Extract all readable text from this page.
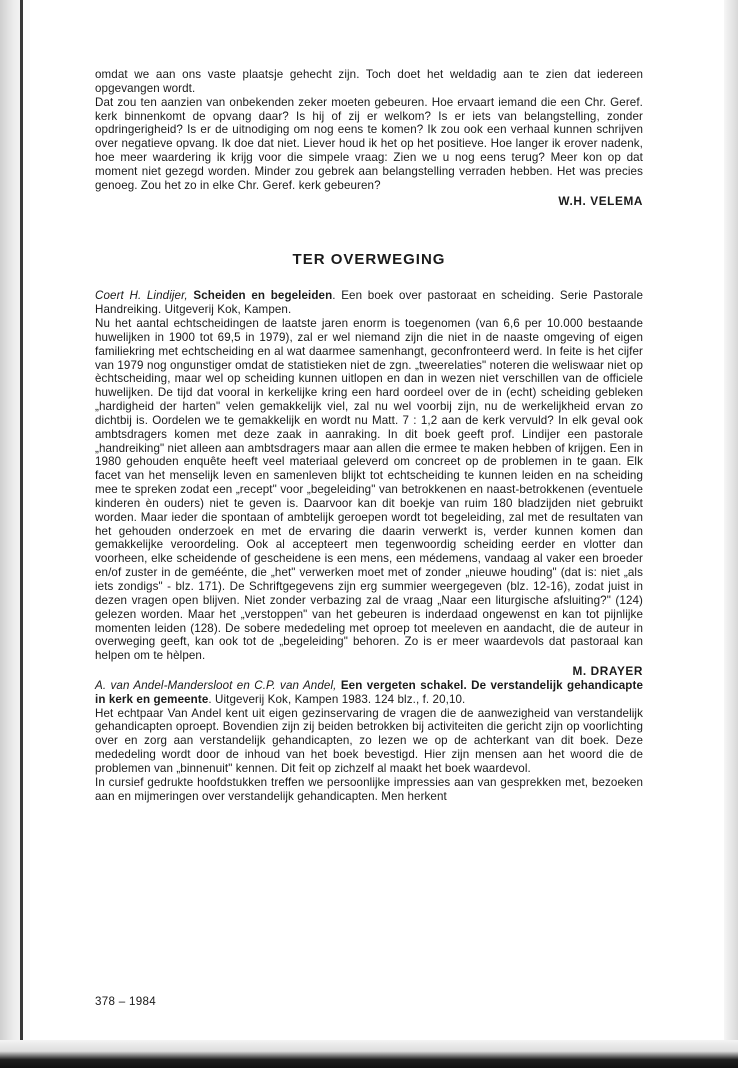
omdat we aan ons vaste plaatsje gehecht zijn. Toch doet het weldadig aan te zien dat iedereen opgevangen wordt.

Dat zou ten aanzien van onbekenden zeker moeten gebeuren. Hoe ervaart iemand die een Chr. Geref. kerk binnenkomt de opvang daar? Is hij of zij er welkom? Is er iets van belangstelling, zonder opdringerigheid? Is er de uitnodiging om nog eens te komen? Ik zou ook een verhaal kunnen schrijven over negatieve opvang. Ik doe dat niet. Liever houd ik het op het positieve. Hoe langer ik erover nadenk, hoe meer waardering ik krijg voor die simpele vraag: Zien we u nog eens terug? Meer kon op dat moment niet gezegd worden. Minder zou gebrek aan belangstelling verraden hebben. Het was precies genoeg. Zou het zo in elke Chr. Geref. kerk gebeuren?

W.H. VELEMA
TER OVERWEGING

Coert H. Lindijer, Scheiden en begeleiden. Een boek over pastoraat en scheiding. Serie Pastorale Handreiking. Uitgeverij Kok, Kampen.

Nu het aantal echtscheidingen de laatste jaren enorm is toegenomen (van 6,6 per 10.000 bestaande huwelijken in 1900 tot 69,5 in 1979), zal er wel niemand zijn die niet in de naaste omgeving of eigen familiekring met echtscheiding en al wat daarmee samenhangt, geconfronteerd werd. In feite is het cijfer van 1979 nog ongunstiger omdat de statistieken niet de zgn. „tweerelaties" noteren die weliswaar niet op èchtscheiding, maar wel op scheiding kunnen uitlopen en dan in wezen niet verschillen van de officiele huwelijken. De tijd dat vooral in kerkelijke kring een hard oordeel over de in (echt) scheiding gebleken „hardigheid der harten" velen gemakkelijk viel, zal nu wel voorbij zijn, nu de werkelijkheid ervan zo dichtbij is. Oordelen we te gemakkelijk en wordt nu Matt. 7 : 1,2 aan de kerk vervuld? In elk geval ook ambtsdragers komen met deze zaak in aanraking. In dit boek geeft prof. Lindijer een pastorale „handreiking" niet alleen aan ambtsdragers maar aan allen die ermee te maken hebben of krijgen. Een in 1980 gehouden enquête heeft veel materiaal geleverd om concreet op de problemen in te gaan. Elk facet van het menselijk leven en samenleven blijkt tot echtscheiding te kunnen leiden en na scheiding mee te spreken zodat een „recept" voor „begeleiding" van betrokkenen en naast-betrokkenen (eventuele kinderen èn ouders) niet te geven is. Daarvoor kan dit boekje van ruim 180 bladzijden niet gebruikt worden. Maar ieder die spontaan of ambtelijk geroepen wordt tot begeleiding, zal met de resultaten van het gehouden onderzoek en met de ervaring die daarin verwerkt is, verder kunnen komen dan gemakkelijke veroordeling. Ook al accepteert men tegenwoordig scheiding eerder en vlotter dan voorheen, elke scheidende of gescheidene is een mens, een médemens, vandaag al vaker een broeder en/of zuster in de geméénte, die „het" verwerken moet met of zonder „nieuwe houding" (dat is: niet „als iets zondigs" - blz. 171). De Schriftgegevens zijn erg summier weergegeven (blz. 12-16), zodat juist in dezen vragen open blijven. Niet zonder verbazing zal de vraag „Naar een liturgische afsluiting?" (124) gelezen worden. Maar het „verstoppen" van het gebeuren is inderdaad ongewenst en kan tot pijnlijke momenten leiden (128). De sobere mededeling met oproep tot meeleven en aandacht, die de auteur in overweging geeft, kan ook tot de „begeleiding" behoren. Zo is er meer waardevols dat pastoraal kan helpen om te hèlpen.

M. DRAYER

A. van Andel-Mandersloot en C.P. van Andel, Een vergeten schakel. De verstandelijk gehandicapte in kerk en gemeente. Uitgeverij Kok, Kampen 1983. 124 blz., f. 20,10.

Het echtpaar Van Andel kent uit eigen gezinservaring de vragen die de aanwezigheid van verstandelijk gehandicapten oproept. Bovendien zijn zij beiden betrokken bij activiteiten die gericht zijn op voorlichting over en zorg aan verstandelijk gehandicapten, zo lezen we op de achterkant van dit boek. Deze mededeling wordt door de inhoud van het boek bevestigd. Hier zijn mensen aan het woord die de problemen van „binnenuit" kennen. Dit feit op zichzelf al maakt het boek waardevol.

In cursief gedrukte hoofdstukken treffen we persoonlijke impressies aan van gesprekken met, bezoeken aan en mijmeringen over verstandelijk gehandicapten. Men herkent

378 – 1984
